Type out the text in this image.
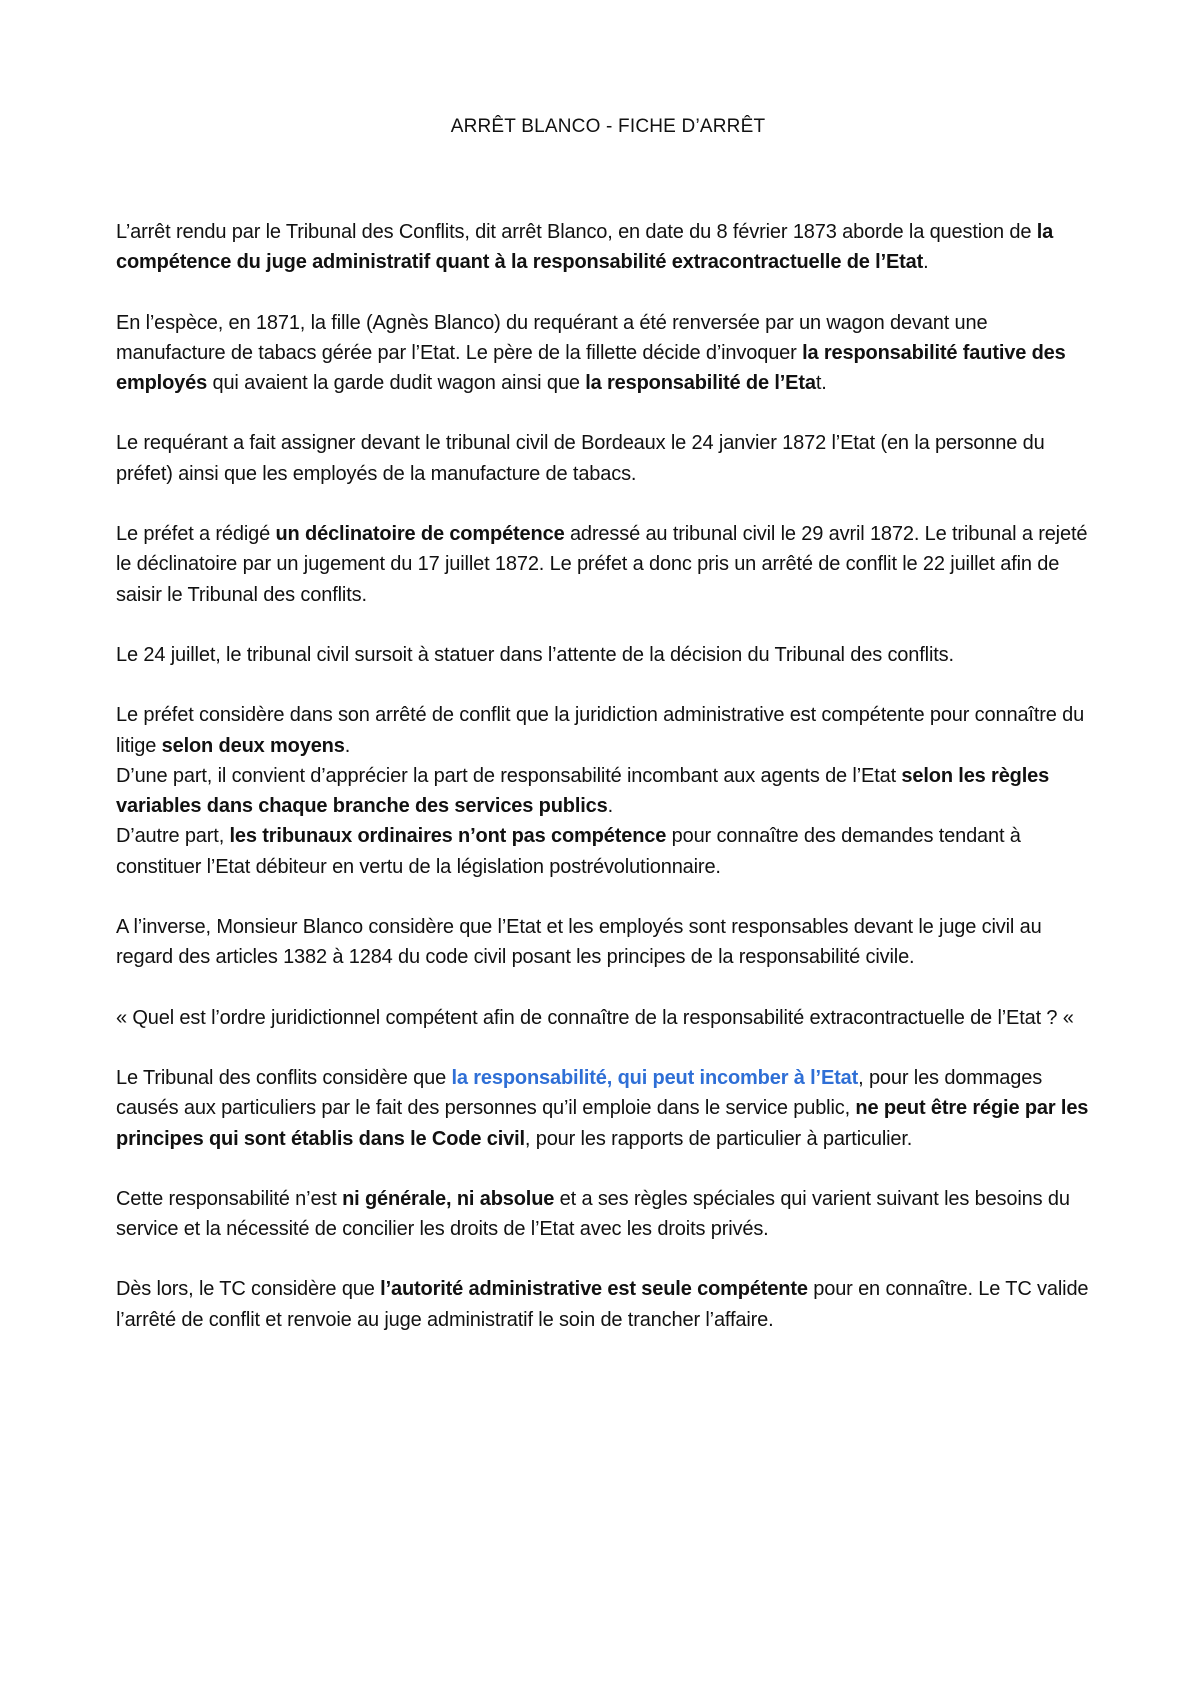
ARRÊT BLANCO - FICHE D’ARRÊT

L’arrêt rendu par le Tribunal des Conflits, dit arrêt Blanco, en date du 8 février 1873 aborde la question de la compétence du juge administratif quant à la responsabilité extracontractuelle de l’Etat.

En l’espèce, en 1871, la fille (Agnès Blanco) du requérant a été renversée par un wagon devant une manufacture de tabacs gérée par l’Etat. Le père de la fillette décide d’invoquer la responsabilité fautive des employés qui avaient la garde dudit wagon ainsi que la responsabilité de l’Etat.

Le requérant a fait assigner devant le tribunal civil de Bordeaux le 24 janvier 1872 l’Etat (en la personne du préfet) ainsi que les employés de la manufacture de tabacs.

Le préfet a rédigé un déclinatoire de compétence adressé au tribunal civil le 29 avril 1872. Le tribunal a rejeté le déclinatoire par un jugement du 17 juillet 1872. Le préfet a donc pris un arrêté de conflit le 22 juillet afin de saisir le Tribunal des conflits.

Le 24 juillet, le tribunal civil sursoit à statuer dans l’attente de la décision du Tribunal des conflits.

Le préfet considère dans son arrêté de conflit que la juridiction administrative est compétente pour connaître du litige selon deux moyens.
D’une part, il convient d’apprécier la part de responsabilité incombant aux agents de l’Etat selon les règles variables dans chaque branche des services publics.
D’autre part, les tribunaux ordinaires n’ont pas compétence pour connaître des demandes tendant à constituer l’Etat débiteur en vertu de la législation postrévolutionnaire.

A l’inverse, Monsieur Blanco considère que l’Etat et les employés sont responsables devant le juge civil au regard des articles 1382 à 1284 du code civil posant les principes de la responsabilité civile.

« Quel est l’ordre juridictionnel compétent afin de connaître de la responsabilité extracontractuelle de l’Etat ? «

Le Tribunal des conflits considère que la responsabilité, qui peut incomber à l’Etat, pour les dommages causés aux particuliers par le fait des personnes qu’il emploie dans le service public, ne peut être régie par les principes qui sont établis dans le Code civil, pour les rapports de particulier à particulier.

Cette responsabilité n’est ni générale, ni absolue et a ses règles spéciales qui varient suivant les besoins du service et la nécessité de concilier les droits de l’Etat avec les droits privés.

Dès lors, le TC considère que l’autorité administrative est seule compétente pour en connaître. Le TC valide l’arrêté de conflit et renvoie au juge administratif le soin de trancher l’affaire.
